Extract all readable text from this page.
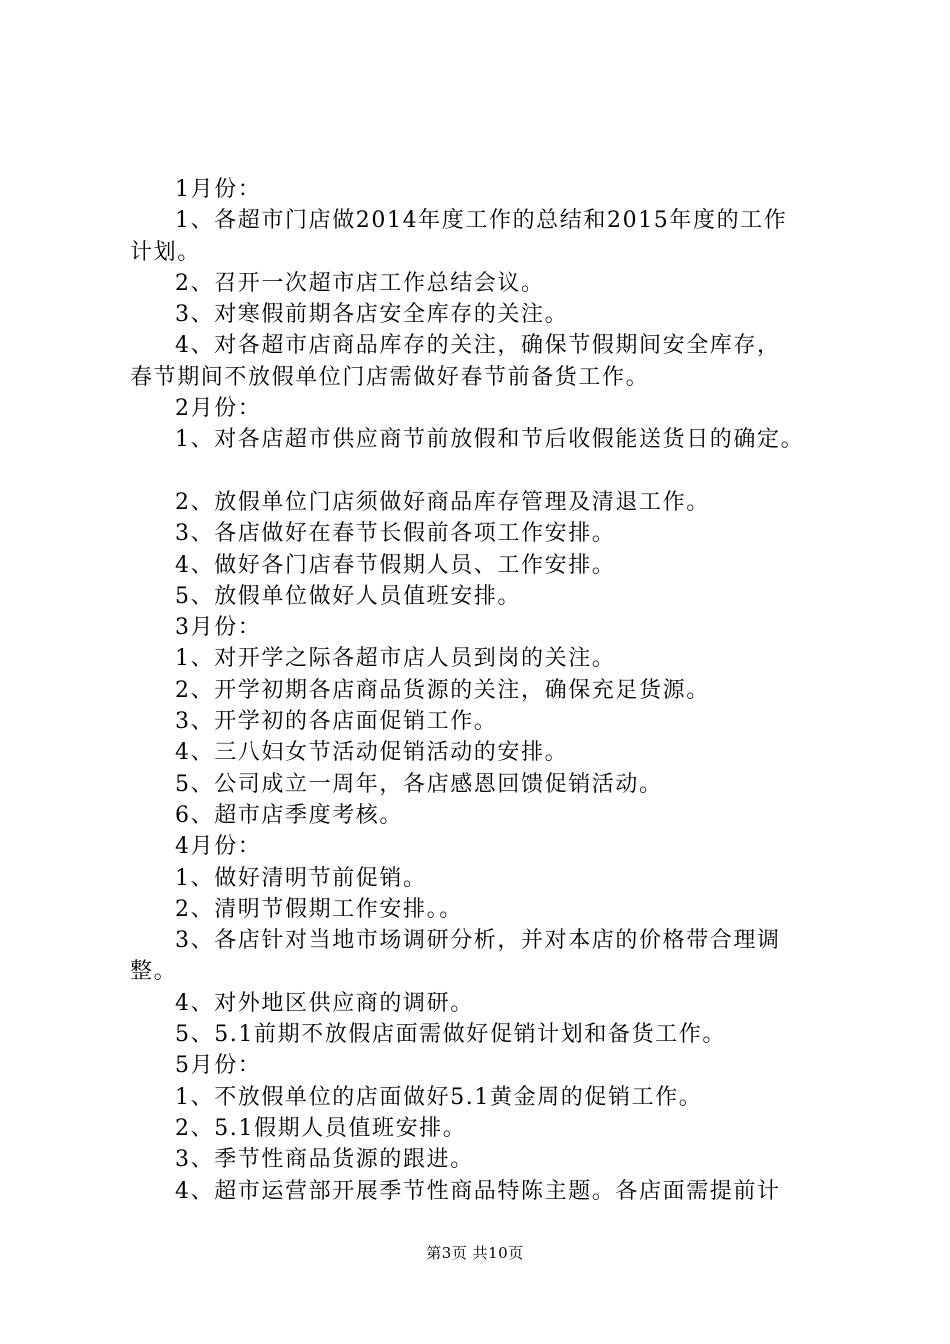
1月份：
1、各超市门店做2014年度工作的总结和2015年度的工作
计划。
2、召开一次超市店工作总结会议。
3、对寒假前期各店安全库存的关注。
4、对各超市店商品库存的关注，确保节假期间安全库存，
春节期间不放假单位门店需做好春节前备货工作。
2月份：
1、对各店超市供应商节前放假和节后收假能送货日的确定。
2、放假单位门店须做好商品库存管理及清退工作。
3、各店做好在春节长假前各项工作安排。
4、做好各门店春节假期人员、工作安排。
5、放假单位做好人员值班安排。
3月份：
1、对开学之际各超市店人员到岗的关注。
2、开学初期各店商品货源的关注，确保充足货源。
3、开学初的各店面促销工作。
4、三八妇女节活动促销活动的安排。
5、公司成立一周年，各店感恩回馈促销活动。
6、超市店季度考核。
4月份：
1、做好清明节前促销。
2、清明节假期工作安排。。
3、各店针对当地市场调研分析，并对本店的价格带合理调
整。
4、对外地区供应商的调研。
5、5.1前期不放假店面需做好促销计划和备货工作。
5月份：
1、不放假单位的店面做好5.1黄金周的促销工作。
2、5.1假期人员值班安排。
3、季节性商品货源的跟进。
4、超市运营部开展季节性商品特陈主题。各店面需提前计
第3页 共10页
